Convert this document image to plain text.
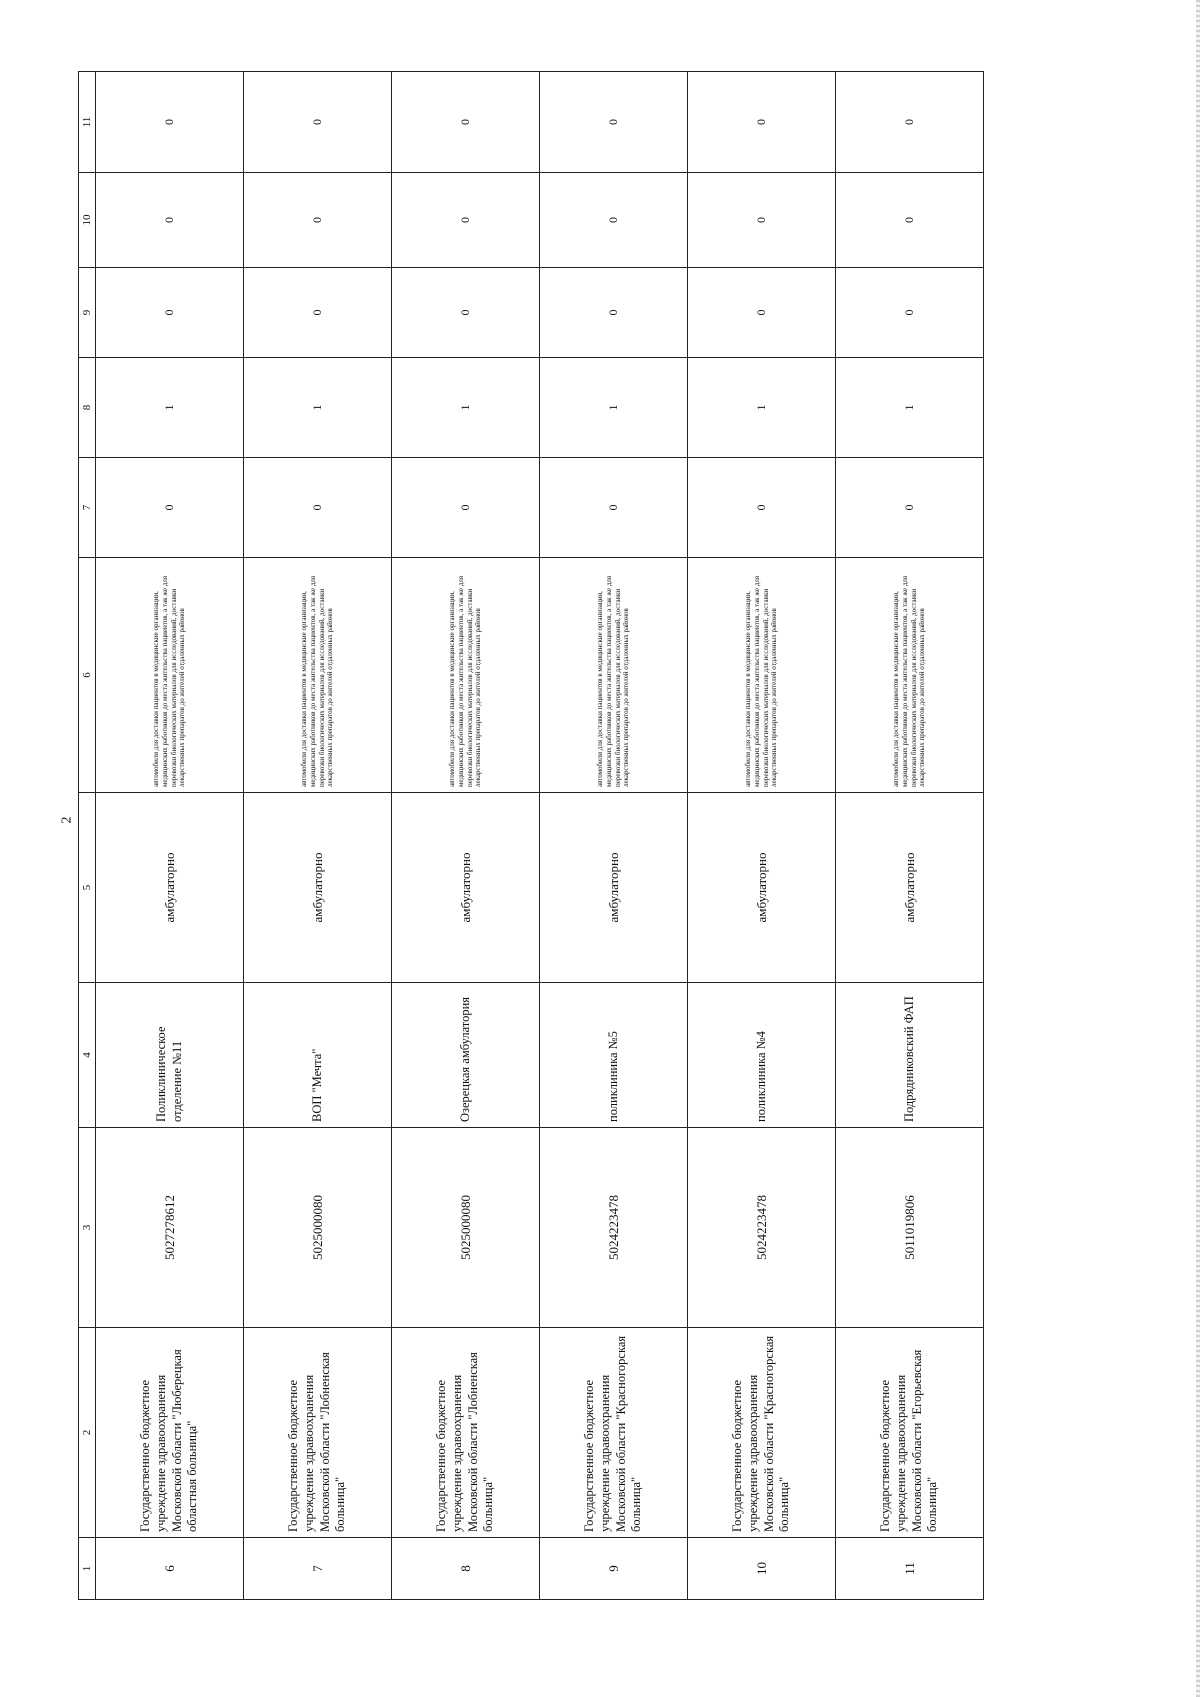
2
1	2	3	4	5	6	7	8	9	10	11
6	Государственное бюджетное учреждение здравоохранения Московской области "Люберецкая областная больница"	5027278612	Поликлиническое отделение №11	амбулаторно	автомобили для доставки пациентов в медицинские организации, медицинских работников до места жительства пациентов, а так же для перевозки биологических материалов для исследований, доставки лекарственных препаратов до жителей отдаленных районов	0	1	0	0	0
7	Государственное бюджетное учреждение здравоохранения Московской области "Лобненская больница"	5025000080	ВОП "Мечта"	амбулаторно	автомобили для доставки пациентов в медицинские организации, медицинских работников до места жительства пациентов, а так же для перевозки биологических материалов для исследований, доставки лекарственных препаратов до жителей отдаленных районов	0	1	0	0	0
8	Государственное бюджетное учреждение здравоохранения Московской области "Лобненская больница"	5025000080	Озерецкая амбулатория	амбулаторно	автомобили для доставки пациентов в медицинские организации, медицинских работников до места жительства пациентов, а так же для перевозки биологических материалов для исследований, доставки лекарственных препаратов до жителей отдаленных районов	0	1	0	0	0
9	Государственное бюджетное учреждение здравоохранения Московской области "Красногорская больница"	5024223478	поликлиника №5	амбулаторно	автомобили для доставки пациентов в медицинские организации, медицинских работников до места жительства пациентов, а так же для перевозки биологических материалов для исследований, доставки лекарственных препаратов до жителей отдаленных районов	0	1	0	0	0
10	Государственное бюджетное учреждение здравоохранения Московской области "Красногорская больница"	5024223478	поликлиника №4	амбулаторно	автомобили для доставки пациентов в медицинские организации, медицинских работников до места жительства пациентов, а так же для перевозки биологических материалов для исследований, доставки лекарственных препаратов до жителей отдаленных районов	0	1	0	0	0
11	Государственное бюджетное учреждение здравоохранения Московской области "Егорьевская больница"	5011019806	Подрядниковский ФАП	амбулаторно	автомобили для доставки пациентов в медицинские организации, медицинских работников до места жительства пациентов, а так же для перевозки биологических материалов для исследований, доставки лекарственных препаратов до жителей отдаленных районов	0	1	0	0	0
